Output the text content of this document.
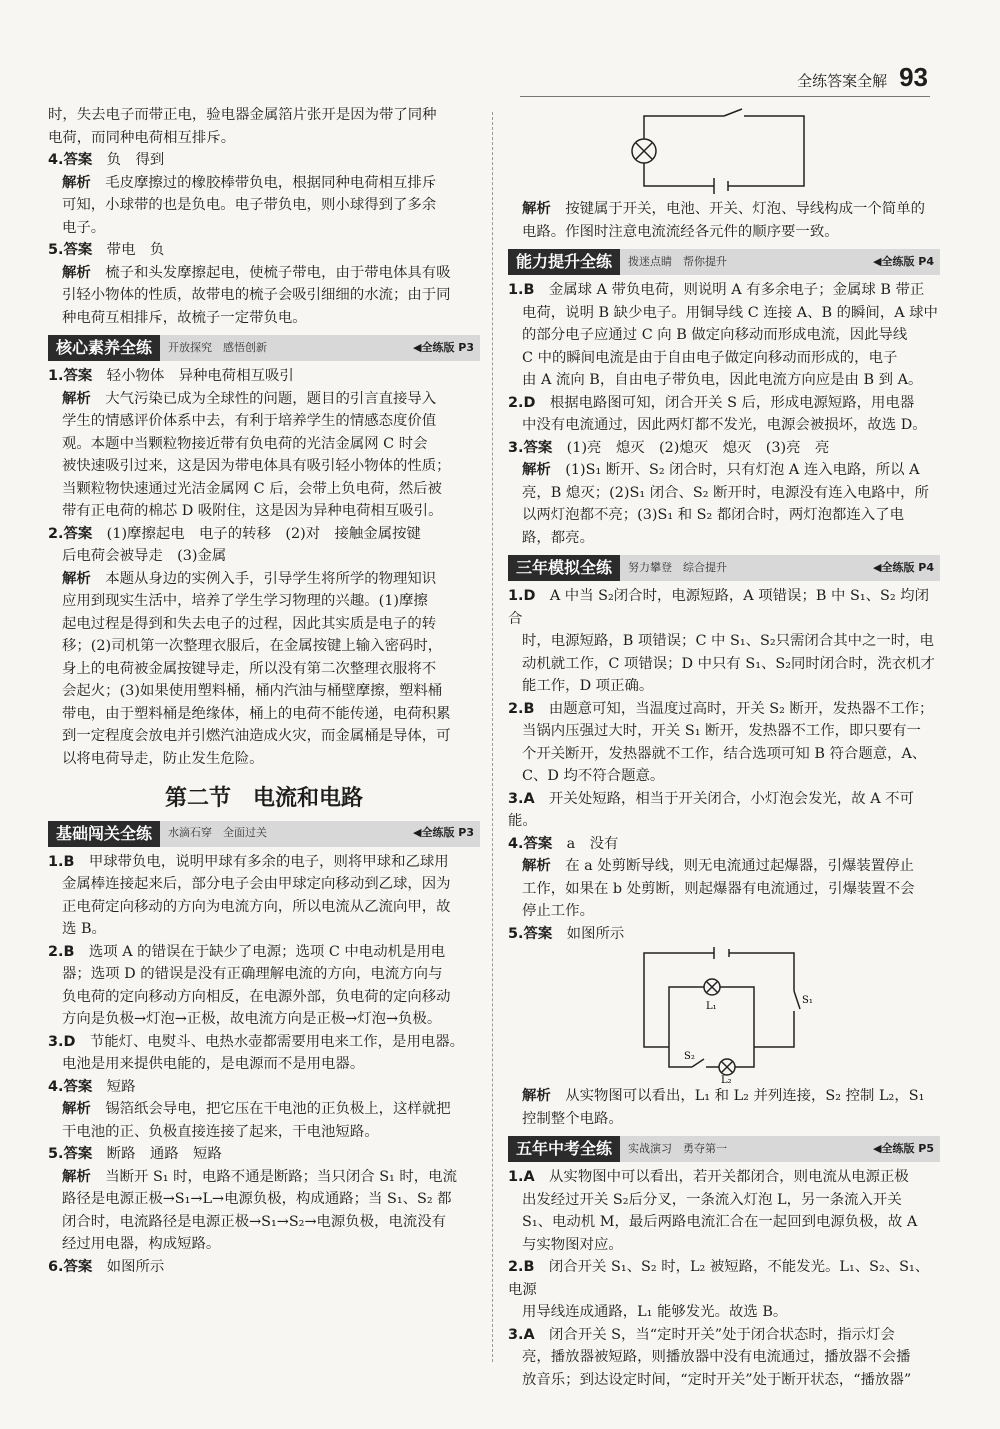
全练答案全解 93

时，失去电子而带正电，验电器金属箔片张开是因为带了同种

电荷，而同种电荷相互排斥。

4.答案　 负　得到

解析　 毛皮摩擦过的橡胶棒带负电，根据同种电荷相互排斥

可知，小球带的也是负电。电子带负电，则小球得到了多余

电子。

5.答案　 带电　负

解析　 梳子和头发摩擦起电，使梳子带电，由于带电体具有吸

引轻小物体的性质，故带电的梳子会吸引细细的水流；由于同

种电荷互相排斥，故梳子一定带负电。

核心素养全练	开放探究　感悟创新	◀全练版 P3

1.答案　 轻小物体　异种电荷相互吸引

解析　 大气污染已成为全球性的问题，题目的引言直接导入

学生的情感评价体系中去，有利于培养学生的情感态度价值

观。本题中当颗粒物接近带有负电荷的光洁金属网 C 时会

被快速吸引过来，这是因为带电体具有吸引轻小物体的性质；

当颗粒物快速通过光洁金属网 C 后，会带上负电荷，然后被

带有正电荷的棉芯 D 吸附住，这是因为异种电荷相互吸引。

2.答案　 (1)摩擦起电　电子的转移　(2)对　接触金属按键

后电荷会被导走　(3)金属

解析　 本题从身边的实例入手，引导学生将所学的物理知识

应用到现实生活中，培养了学生学习物理的兴趣。(1)摩擦

起电过程是得到和失去电子的过程，因此其实质是电子的转

移；(2)司机第一次整理衣服后，在金属按键上输入密码时，

身上的电荷被金属按键导走，所以没有第二次整理衣服将不

会起火；(3)如果使用塑料桶，桶内汽油与桶壁摩擦，塑料桶

带电，由于塑料桶是绝缘体，桶上的电荷不能传递，电荷积累

到一定程度会放电并引燃汽油造成火灾，而金属桶是导体，可

以将电荷导走，防止发生危险。

第二节　电流和电路
基础闯关全练	水滴石穿　全面过关	◀全练版 P3

1.B　 甲球带负电，说明甲球有多余的电子，则将甲球和乙球用

金属棒连接起来后，部分电子会由甲球定向移动到乙球，因为

正电荷定向移动的方向为电流方向，所以电流从乙流向甲，故

选 B。

2.B　 选项 A 的错误在于缺少了电源；选项 C 中电动机是用电

器；选项 D 的错误是没有正确理解电流的方向，电流方向与

负电荷的定向移动方向相反，在电源外部，负电荷的定向移动

方向是负极→灯泡→正极，故电流方向是正极→灯泡→负极。

3.D　 节能灯、电熨斗、电热水壶都需要用电来工作，是用电器。

电池是用来提供电能的，是电源而不是用电器。

4.答案　 短路

解析　 锡箔纸会导电，把它压在干电池的正负极上，这样就把

干电池的正、负极直接连接了起来，干电池短路。

5.答案　 断路　通路　短路

解析　 当断开 S₁ 时，电路不通是断路；当只闭合 S₁ 时，电流

路径是电源正极→S₁→L→电源负极，构成通路；当 S₁、S₂ 都

闭合时，电流路径是电源正极→S₁→S₂→电源负极，电流没有

经过用电器，构成短路。

6.答案　 如图所示

解析　 按键属于开关，电池、开关、灯泡、导线构成一个简单的

电路。作图时注意电流流经各元件的顺序要一致。

能力提升全练	拨迷点睛　帮你提升	◀全练版 P4

1.B　 金属球 A 带负电荷，则说明 A 有多余电子；金属球 B 带正

电荷，说明 B 缺少电子。用铜导线 C 连接 A、B 的瞬间，A 球中

的部分电子应通过 C 向 B 做定向移动而形成电流，因此导线

C 中的瞬间电流是由于自由电子做定向移动而形成的，电子

由 A 流向 B，自由电子带负电，因此电流方向应是由 B 到 A。

2.D　 根据电路图可知，闭合开关 S 后，形成电源短路，用电器

中没有电流通过，因此两灯都不发光，电源会被损坏，故选 D。

3.答案　 (1)亮　熄灭　(2)熄灭　熄灭　(3)亮　亮

解析　 (1)S₁ 断开、S₂ 闭合时，只有灯泡 A 连入电路，所以 A

亮，B 熄灭；(2)S₁ 闭合、S₂ 断开时，电源没有连入电路中，所

以两灯泡都不亮；(3)S₁ 和 S₂ 都闭合时，两灯泡都连入了电

路，都亮。

三年模拟全练	努力攀登　综合提升	◀全练版 P4

1.D　 A 中当 S₂闭合时，电源短路，A 项错误；B 中 S₁、S₂ 均闭合

时，电源短路，B 项错误；C 中 S₁、S₂只需闭合其中之一时，电

动机就工作，C 项错误；D 中只有 S₁、S₂同时闭合时，洗衣机才

能工作，D 项正确。

2.B　 由题意可知，当温度过高时，开关 S₂ 断开，发热器不工作；

当锅内压强过大时，开关 S₁ 断开，发热器不工作，即只要有一

个开关断开，发热器就不工作，结合选项可知 B 符合题意，A、

C、D 均不符合题意。

3.A　 开关处短路，相当于开关闭合，小灯泡会发光，故 A 不可能。

4.答案　 a　没有

解析　 在 a 处剪断导线，则无电流通过起爆器，引爆装置停止

工作，如果在 b 处剪断，则起爆器有电流通过，引爆装置不会

停止工作。

5.答案　 如图所示

S₁
L₁
S₂
L₂

解析　 从实物图可以看出，L₁ 和 L₂ 并列连接，S₂ 控制 L₂，S₁

控制整个电路。

五年中考全练	实战演习　勇夺第一	◀全练版 P5

1.A　 从实物图中可以看出，若开关都闭合，则电流从电源正极

出发经过开关 S₂后分叉，一条流入灯泡 L，另一条流入开关

S₁、电动机 M，最后两路电流汇合在一起回到电源负极，故 A

与实物图对应。

2.B　 闭合开关 S₁、S₂ 时，L₂ 被短路，不能发光。L₁、S₂、S₁、电源

用导线连成通路，L₁ 能够发光。故选 B。

3.A　 闭合开关 S，当“定时开关”处于闭合状态时，指示灯会

亮，播放器被短路，则播放器中没有电流通过，播放器不会播

放音乐；到达设定时间，“定时开关”处于断开状态，“播放器”
